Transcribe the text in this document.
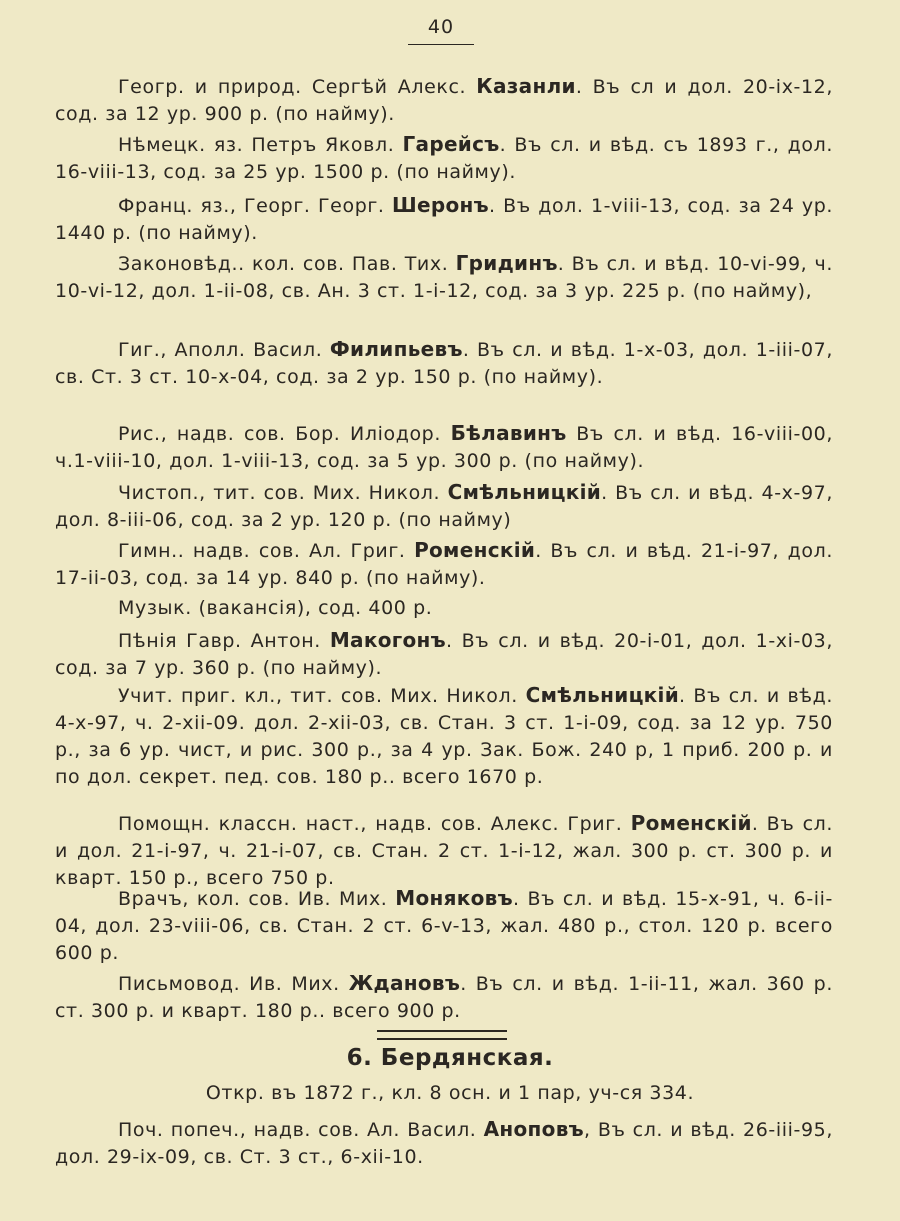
40

Геогр. и природ. Сергѣй Алекс. Казанли. Въ сл и дол. 20-ix-12, сод. за 12 ур. 900 р. (по найму).

Нѣмецк. яз. Петръ Яковл. Гарейсъ. Въ сл. и вѣд. съ 1893 г., дол. 16-viii-13, сод. за 25 ур. 1500 р. (по найму).

Франц. яз., Георг. Георг. Шеронъ. Въ дол. 1-viii-13, сод. за 24 ур. 1440 р. (по найму).

Законовѣд.. кол. сов. Пав. Тих. Гридинъ. Въ сл. и вѣд. 10-vi-99, ч. 10-vi-12, дол. 1-ii-08, св. Ан. 3 ст. 1-i-12, сод. за 3 ур. 225 р. (по найму),

Гиг., Аполл. Васил. Филипьевъ. Въ сл. и вѣд. 1-x-03, дол. 1-iii-07, св. Ст. 3 ст. 10-x-04, сод. за 2 ур. 150 р. (по найму).

Рис., надв. сов. Бор. Иліодор. Бѣлавинъ Въ сл. и вѣд. 16-viii-00, ч.1-viii-10, дол. 1-viii-13, сод. за 5 ур. 300 р. (по найму).

Чистоп., тит. сов. Мих. Никол. Смѣльницкій. Въ сл. и вѣд. 4-x-97, дол. 8-iii-06, сод. за 2 ур. 120 р. (по найму)

Гимн.. надв. сов. Ал. Григ. Роменскій. Въ сл. и вѣд. 21-i-97, дол. 17-ii-03, сод. за 14 ур. 840 р. (по найму).

Музык. (вакансія), сод. 400 р.

Пѣнія Гавр. Антон. Макогонъ. Въ сл. и вѣд. 20-i-01, дол. 1-xi-03, сод. за 7 ур. 360 р. (по найму).

Учит. приг. кл., тит. сов. Мих. Никол. Смѣльницкій. Въ сл. и вѣд. 4-x-97, ч. 2-xii-09. дол. 2-xii-03, св. Стан. 3 ст. 1-i-09, сод. за 12 ур. 750 р., за 6 ур. чист, и рис. 300 р., за 4 ур. Зак. Бож. 240 р, 1 приб. 200 р. и по дол. секрет. пед. сов. 180 р.. всего 1670 р.

Помощн. классн. наст., надв. сов. Алекс. Григ. Роменскій. Въ сл. и дол. 21-i-97, ч. 21-i-07, св. Стан. 2 ст. 1-i-12, жал. 300 р. ст. 300 р. и кварт. 150 р., всего 750 р.

Врачъ, кол. сов. Ив. Мих. Моняковъ. Въ сл. и вѣд. 15-x-91, ч. 6-ii-04, дол. 23-viii-06, св. Стан. 2 ст. 6-v-13, жал. 480 р., стол. 120 р. всего 600 р.

Письмовод. Ив. Мих. Ждановъ. Въ сл. и вѣд. 1-ii-11, жал. 360 р. ст. 300 р. и кварт. 180 р.. всего 900 р.

6. Бердянская.
Откр. въ 1872 г., кл. 8 осн. и 1 пар, уч-ся 334.

Поч. попеч., надв. сов. Ал. Васил. Аноповъ, Въ сл. и вѣд. 26-iii-95, дол. 29-ix-09, св. Ст. 3 ст., 6-xii-10.
